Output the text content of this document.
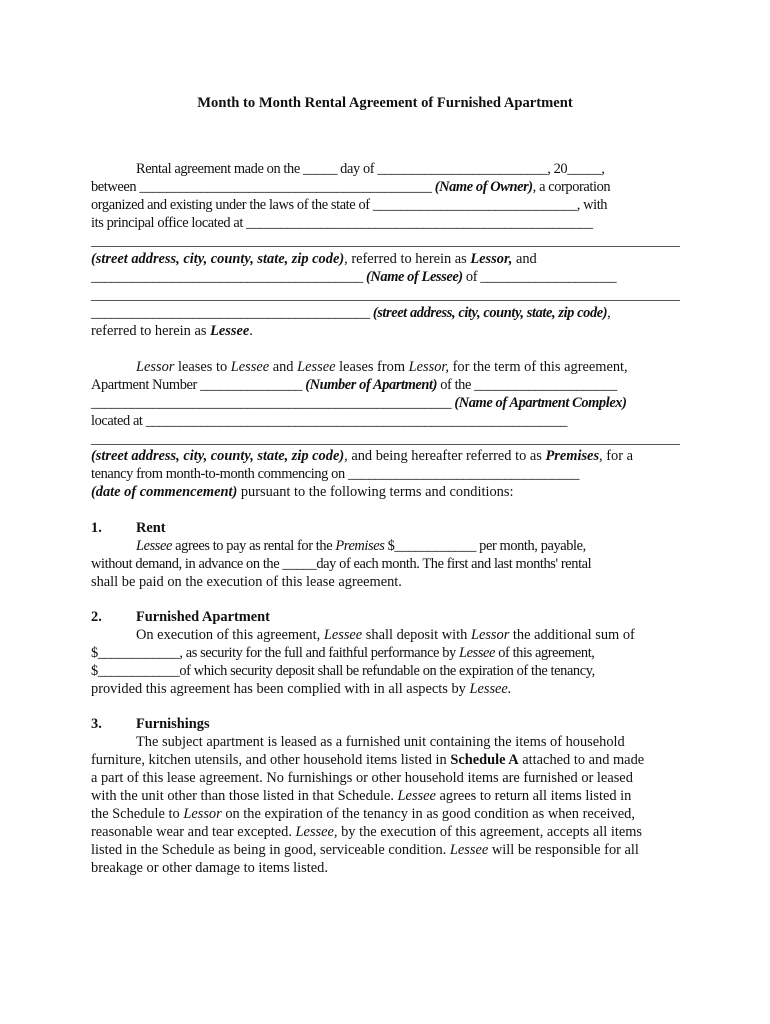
Month to Month Rental Agreement of Furnished Apartment
Rental agreement made on the _____ day of _________________________, 20_____,
between ___________________________________________ (Name of Owner), a corporation
organized and existing under the laws of the state of ______________________________, with
its principal office located at ___________________________________________________
(street address, city, county, state, zip code), referred to herein as Lessor, and
________________________________________ (Name of Lessee) of ____________________
_________________________________________ (street address, city, county, state, zip code),
referred to herein as Lessee.
Lessor leases to Lessee and Lessee leases from Lessor, for the term of this agreement,
Apartment Number _______________ (Number of Apartment) of the _____________________
_____________________________________________________ (Name of Apartment Complex)
located at ______________________________________________________________
(street address, city, county, state, zip code), and being hereafter referred to as Premises, for a
tenancy from month-to-month commencing on __________________________________
(date of commencement) pursuant to the following terms and conditions:
1. Rent
Lessee agrees to pay as rental for the Premises $____________ per month, payable,
without demand, in advance on the _____day of each month. The first and last months' rental
shall be paid on the execution of this lease agreement.
2. Furnished Apartment
On execution of this agreement, Lessee shall deposit with Lessor the additional sum of
$____________, as security for the full and faithful performance by Lessee of this agreement,
$____________of which security deposit shall be refundable on the expiration of the tenancy,
provided this agreement has been complied with in all aspects by Lessee.
3. Furnishings
The subject apartment is leased as a furnished unit containing the items of household
furniture, kitchen utensils, and other household items listed in Schedule A attached to and made
a part of this lease agreement. No furnishings or other household items are furnished or leased
with the unit other than those listed in that Schedule. Lessee agrees to return all items listed in
the Schedule to Lessor on the expiration of the tenancy in as good condition as when received,
reasonable wear and tear excepted. Lessee, by the execution of this agreement, accepts all items
listed in the Schedule as being in good, serviceable condition. Lessee will be responsible for all
breakage or other damage to items listed.
